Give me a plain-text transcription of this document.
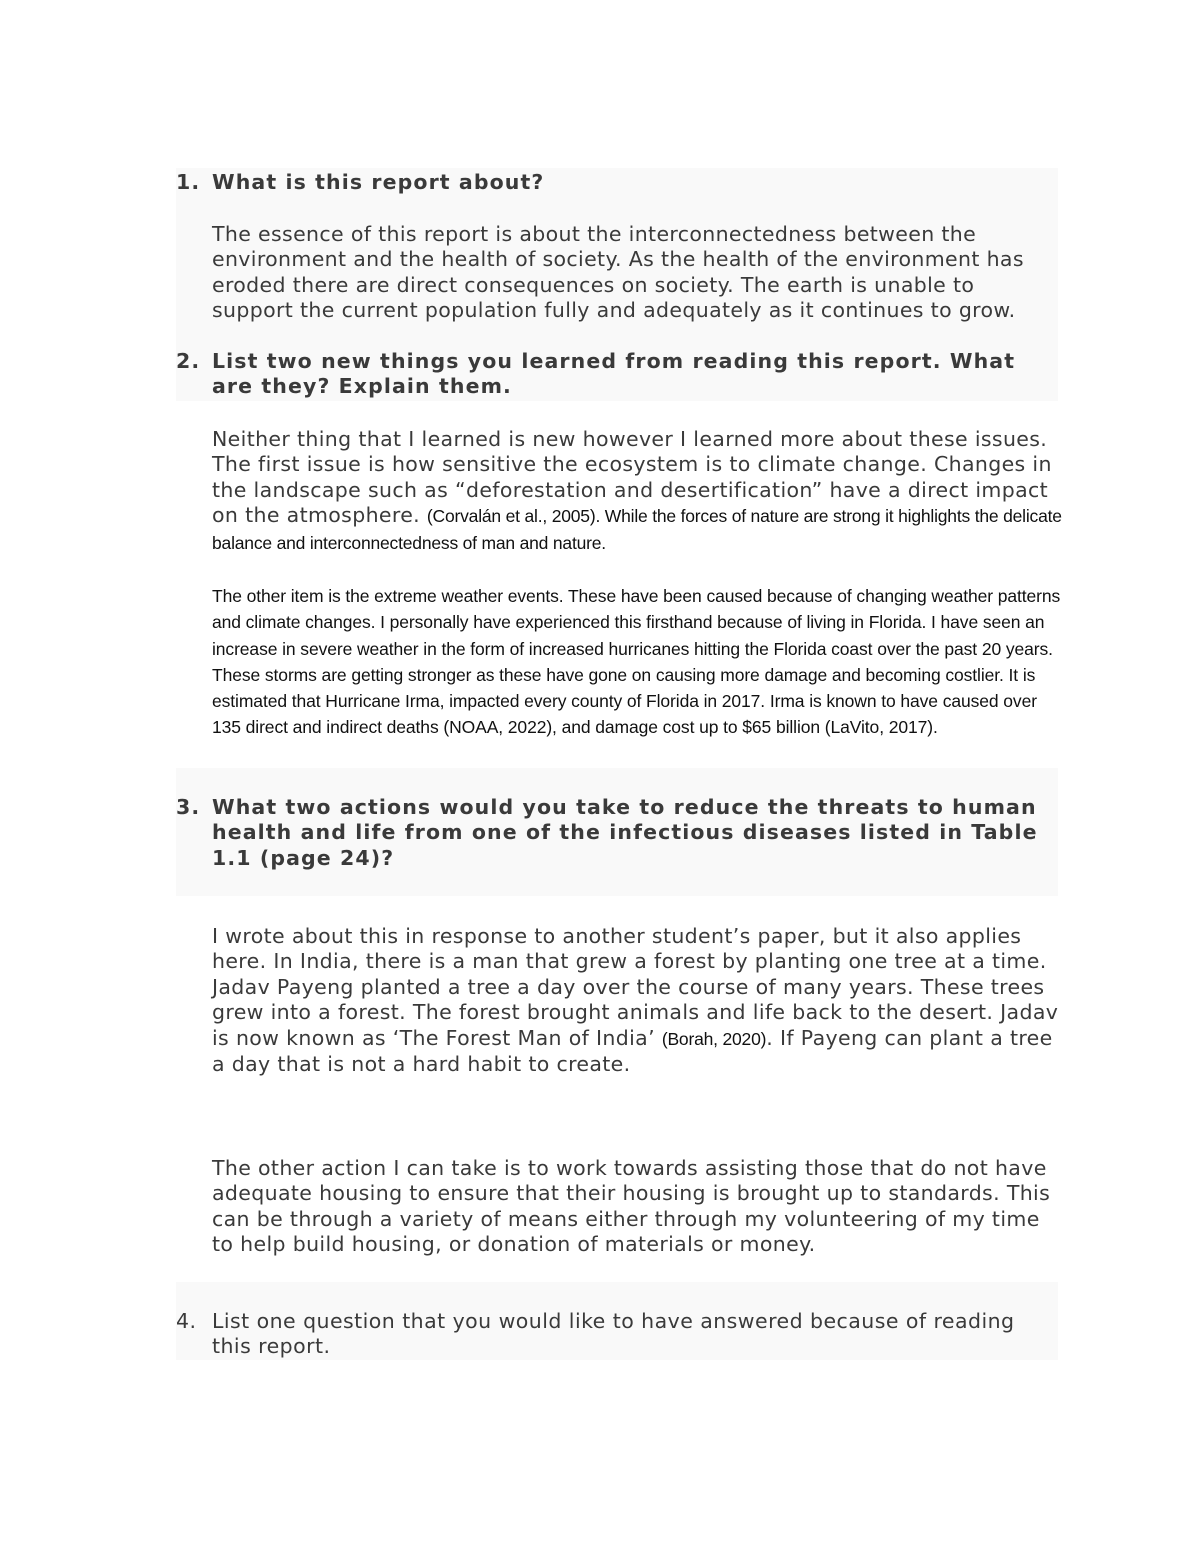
1. What is this report about?
The essence of this report is about the interconnectedness between the environment and the health of society. As the health of the environment has eroded there are direct consequences on society. The earth is unable to support the current population fully and adequately as it continues to grow.
2. List two new things you learned from reading this report. What are they? Explain them.
Neither thing that I learned is new however I learned more about these issues. The first issue is how sensitive the ecosystem is to climate change. Changes in the landscape such as “deforestation and desertification” have a direct impact on the atmosphere. (Corvalán et al., 2005). While the forces of nature are strong it highlights the delicate balance and interconnectedness of man and nature.
The other item is the extreme weather events. These have been caused because of changing weather patterns and climate changes. I personally have experienced this firsthand because of living in Florida. I have seen an increase in severe weather in the form of increased hurricanes hitting the Florida coast over the past 20 years. These storms are getting stronger as these have gone on causing more damage and becoming costlier. It is estimated that Hurricane Irma, impacted every county of Florida in 2017. Irma is known to have caused over 135 direct and indirect deaths (NOAA, 2022), and damage cost up to $65 billion (LaVito, 2017).
3. What two actions would you take to reduce the threats to human health and life from one of the infectious diseases listed in Table 1.1 (page 24)?
I wrote about this in response to another student’s paper, but it also applies here. In India, there is a man that grew a forest by planting one tree at a time. Jadav Payeng planted a tree a day over the course of many years. These trees grew into a forest. The forest brought animals and life back to the desert. Jadav is now known as ‘The Forest Man of India’ (Borah, 2020). If Payeng can plant a tree a day that is not a hard habit to create.
The other action I can take is to work towards assisting those that do not have adequate housing to ensure that their housing is brought up to standards. This can be through a variety of means either through my volunteering of my time to help build housing, or donation of materials or money.
4. List one question that you would like to have answered because of reading this report.
